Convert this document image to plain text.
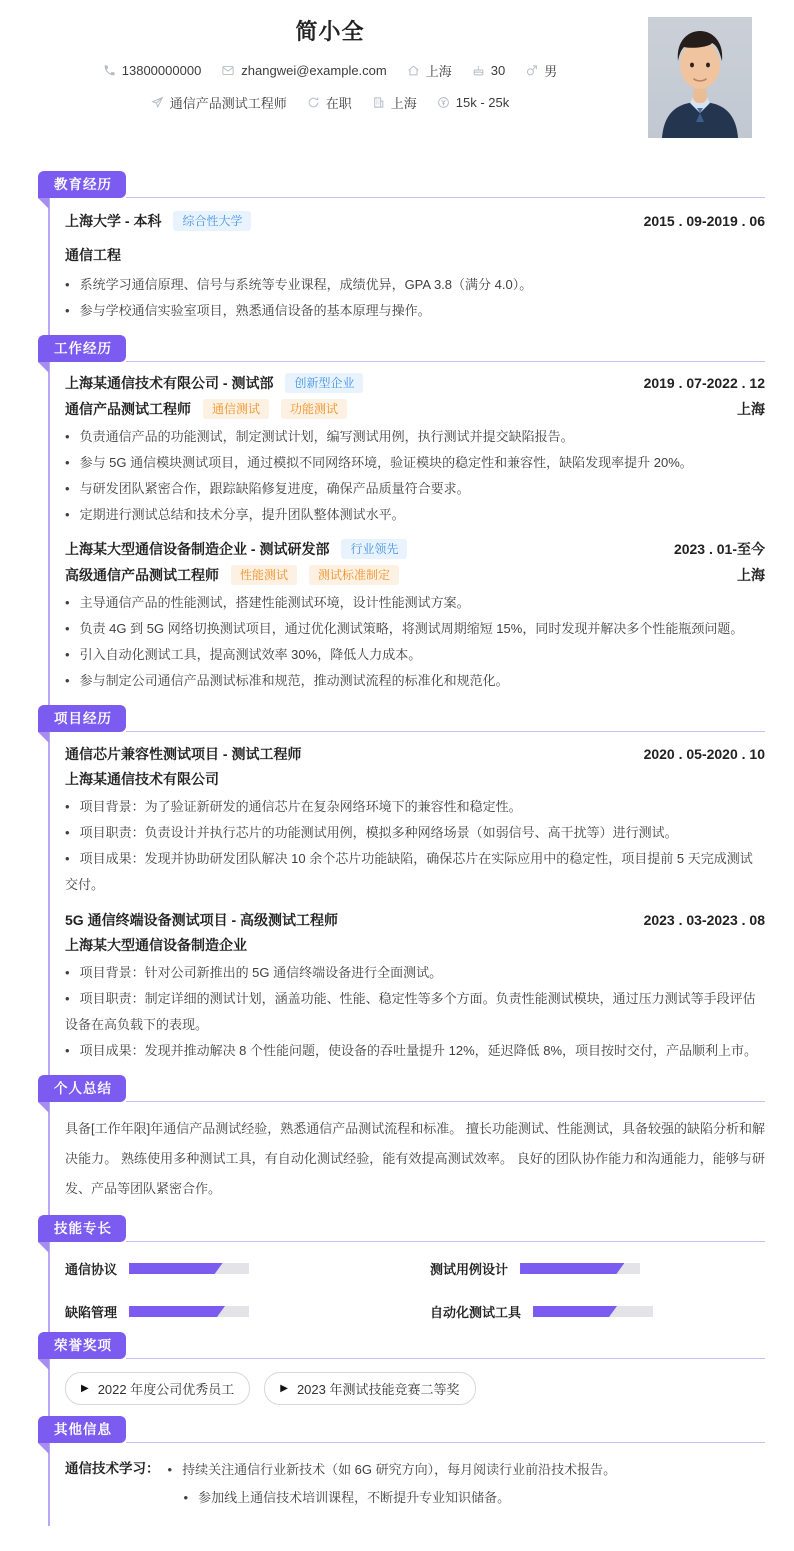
简小全
13800000000	zhangwei@example.com	上海	30	男
通信产品测试工程师	在职	上海	15k - 25k
教育经历
上海大学 - 本科	综合性大学	2015 . 09-2019 . 06
通信工程
• 系统学习通信原理、信号与系统等专业课程，成绩优异，GPA 3.8（满分 4.0）。
• 参与学校通信实验室项目，熟悉通信设备的基本原理与操作。
工作经历
上海某通信技术有限公司 - 测试部	创新型企业	2019 . 07-2022 . 12
通信产品测试工程师	通信测试	功能测试	上海
• 负责通信产品的功能测试，制定测试计划，编写测试用例，执行测试并提交缺陷报告。
• 参与 5G 通信模块测试项目，通过模拟不同网络环境，验证模块的稳定性和兼容性，缺陷发现率提升 20%。
• 与研发团队紧密合作，跟踪缺陷修复进度，确保产品质量符合要求。
• 定期进行测试总结和技术分享，提升团队整体测试水平。
上海某大型通信设备制造企业 - 测试研发部	行业领先	2023 . 01-至今
高级通信产品测试工程师	性能测试	测试标准制定	上海
• 主导通信产品的性能测试，搭建性能测试环境，设计性能测试方案。
• 负责 4G 到 5G 网络切换测试项目，通过优化测试策略，将测试周期缩短 15%，同时发现并解决多个性能瓶颈问题。
• 引入自动化测试工具，提高测试效率 30%，降低人力成本。
• 参与制定公司通信产品测试标准和规范，推动测试流程的标准化和规范化。
项目经历
通信芯片兼容性测试项目 - 测试工程师	2020 . 05-2020 . 10
上海某通信技术有限公司
• 项目背景：为了验证新研发的通信芯片在复杂网络环境下的兼容性和稳定性。
• 项目职责：负责设计并执行芯片的功能测试用例，模拟多种网络场景（如弱信号、高干扰等）进行测试。
• 项目成果：发现并协助研发团队解决 10 余个芯片功能缺陷，确保芯片在实际应用中的稳定性，项目提前 5 天完成测试交付。
5G 通信终端设备测试项目 - 高级测试工程师	2023 . 03-2023 . 08
上海某大型通信设备制造企业
• 项目背景：针对公司新推出的 5G 通信终端设备进行全面测试。
• 项目职责：制定详细的测试计划，涵盖功能、性能、稳定性等多个方面。负责性能测试模块，通过压力测试等手段评估设备在高负载下的表现。
• 项目成果：发现并推动解决 8 个性能问题，使设备的吞吐量提升 12%，延迟降低 8%，项目按时交付，产品顺利上市。
个人总结
具备[工作年限]年通信产品测试经验，熟悉通信产品测试流程和标准。 擅长功能测试、性能测试，具备较强的缺陷分析和解决能力。 熟练使用多种测试工具，有自动化测试经验，能有效提高测试效率。 良好的团队协作能力和沟通能力，能够与研发、产品等团队紧密合作。
技能专长
通信协议	测试用例设计
缺陷管理	自动化测试工具
荣誉奖项
▶ 2022 年度公司优秀员工	▶ 2023 年测试技能竞赛二等奖
其他信息
通信技术学习： • 持续关注通信行业新技术（如 6G 研究方向），每月阅读行业前沿技术报告。
• 参加线上通信技术培训课程，不断提升专业知识储备。
